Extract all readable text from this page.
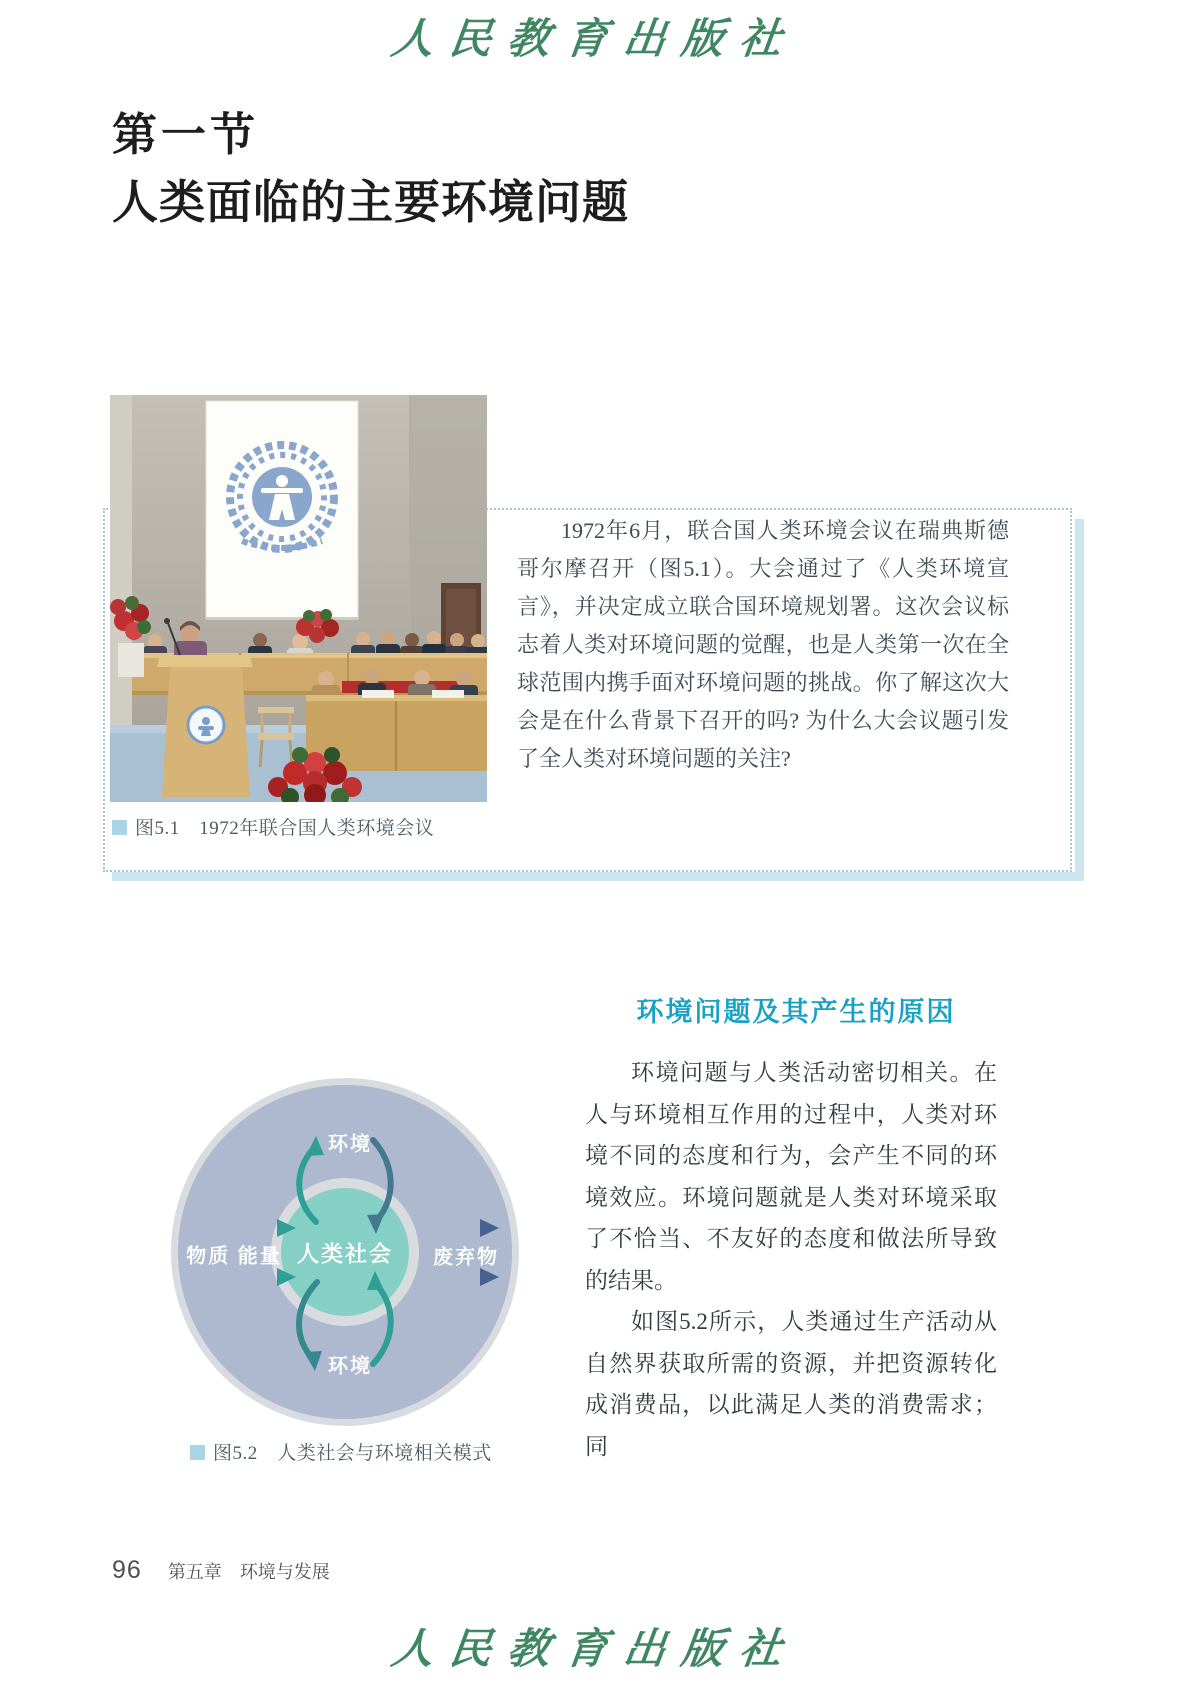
人民教育出版社
第一节
人类面临的主要环境问题

1972年6月，联合国人类环境会议在瑞典斯德哥尔摩召开（图5.1）。大会通过了《人类环境宣言》，并决定成立联合国环境规划署。这次会议标志着人类对环境问题的觉醒，也是人类第一次在全球范围内携手面对环境问题的挑战。你了解这次大会是在什么背景下召开的吗? 为什么大会议题引发了全人类对环境问题的关注?

图5.1　1972年联合国人类环境会议
环境问题及其产生的原因

环境问题与人类活动密切相关。在人与环境相互作用的过程中，人类对环境不同的态度和行为，会产生不同的环境效应。环境问题就是人类对环境采取了不恰当、不友好的态度和做法所导致的结果。

如图5.2所示，人类通过生产活动从自然界获取所需的资源，并把资源转化成消费品，以此满足人类的消费需求；同

人类社会
环境
环境
物质 能量	废弃物
图5.2　人类社会与环境相关模式
96 第五章 环境与发展
人民教育出版社
